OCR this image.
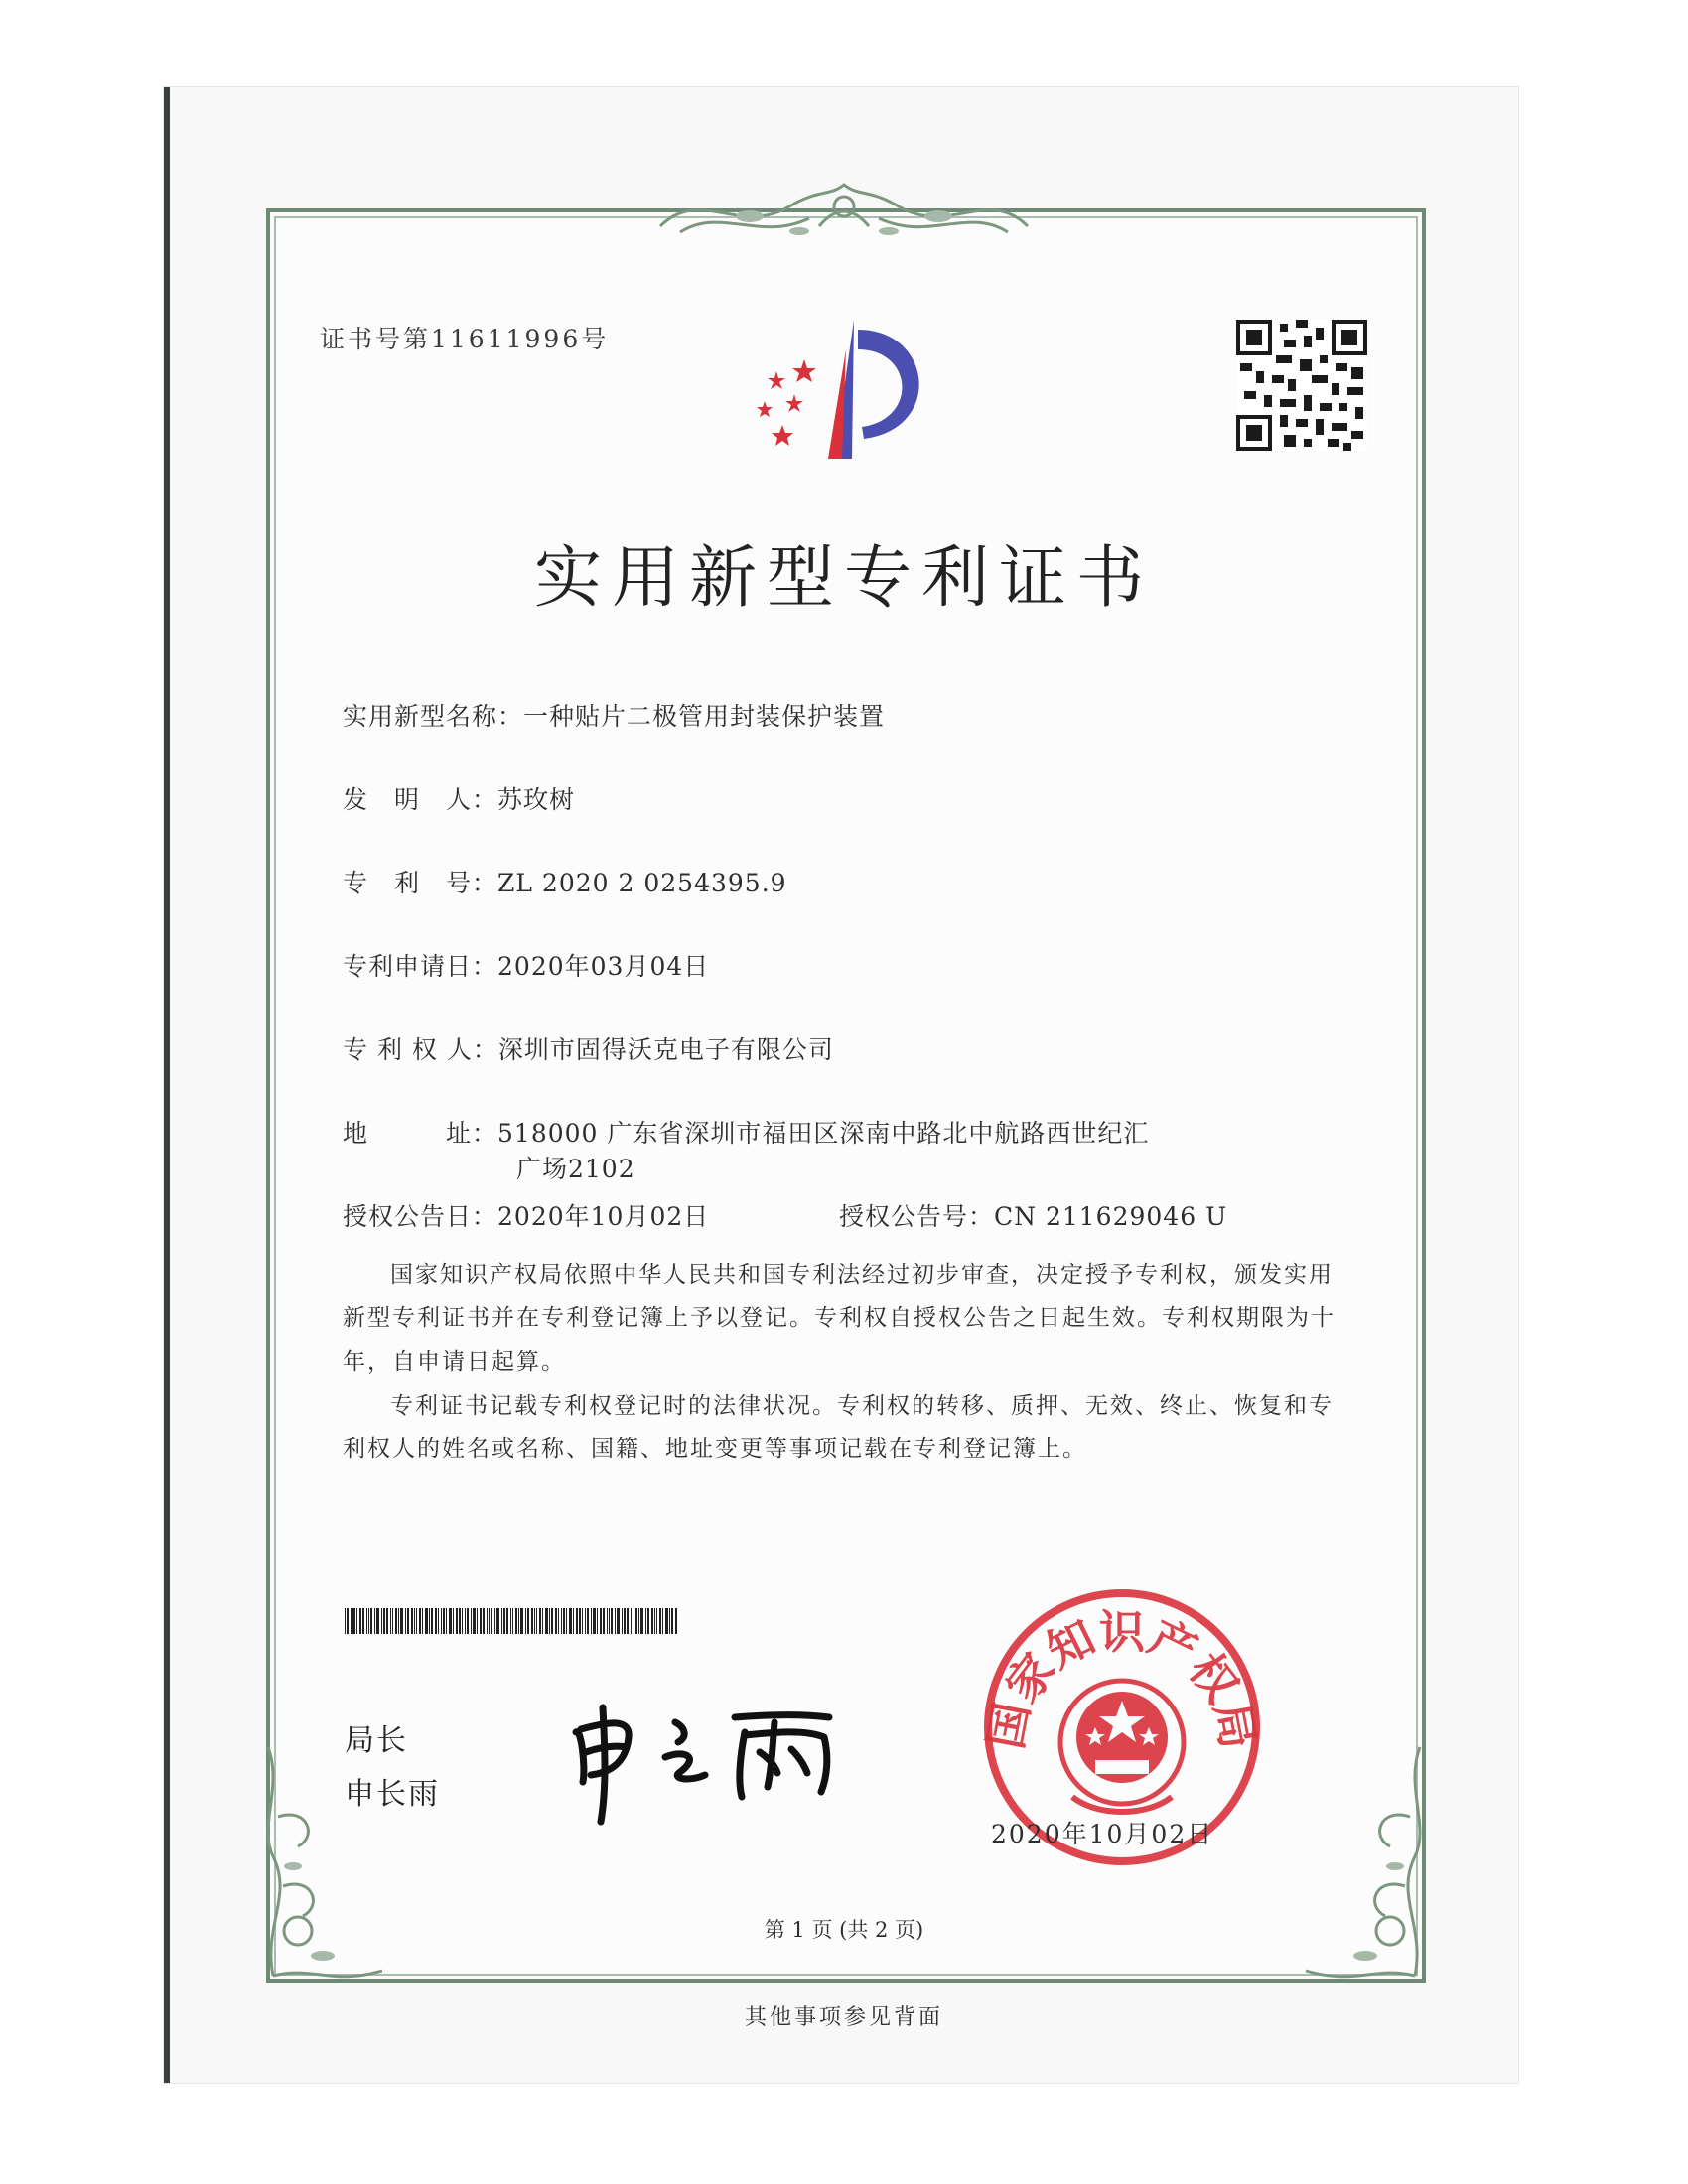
证书号第11611996号
实用新型专利证书
实用新型名称：一种贴片二极管用封装保护装置
发　明　人：苏玫树
专　利　号：ZL 2020 2 0254395.9
专利申请日：2020年03月04日
专 利 权 人：深圳市固得沃克电子有限公司
地　　　址：518000 广东省深圳市福田区深南中路北中航路西世纪汇
广场2102
授权公告日：2020年10月02日	授权公告号：CN 211629046 U
国家知识产权局依照中华人民共和国专利法经过初步审查，决定授予专利权，颁发实用新型专利证书并在专利登记簿上予以登记。专利权自授权公告之日起生效。专利权期限为十年，自申请日起算。
专利证书记载专利权登记时的法律状况。专利权的转移、质押、无效、终止、恢复和专利权人的姓名或名称、国籍、地址变更等事项记载在专利登记簿上。
局长
申长雨
国家知识产权局
2020年10月02日
第 1 页 (共 2 页)
其他事项参见背面
